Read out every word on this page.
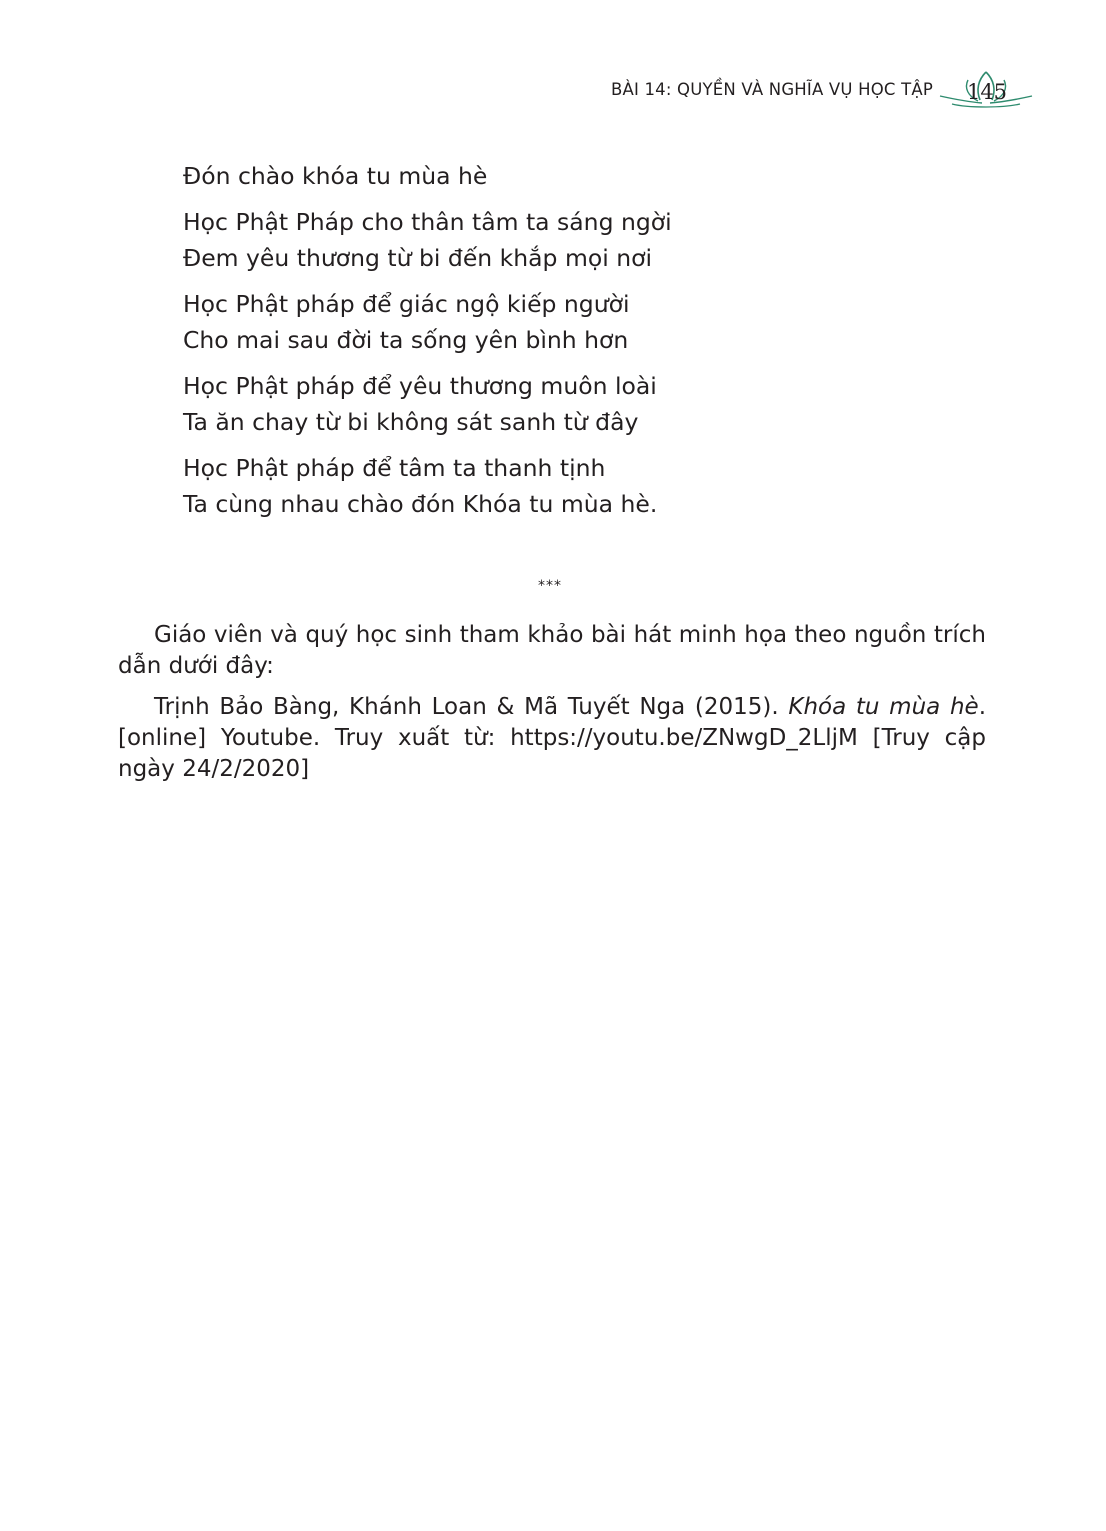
BÀI 14: QUYỀN VÀ NGHĨA VỤ HỌC TẬP 145
Đón chào khóa tu mùa hè
Học Phật Pháp cho thân tâm ta sáng ngời
Đem yêu thương từ bi đến khắp mọi nơi
Học Phật pháp để giác ngộ kiếp người
Cho mai sau đời ta sống yên bình hơn
Học Phật pháp để yêu thương muôn loài
Ta ăn chay từ bi không sát sanh từ đây
Học Phật pháp để tâm ta thanh tịnh
Ta cùng nhau chào đón Khóa tu mùa hè.
***

Giáo viên và quý học sinh tham khảo bài hát minh họa theo nguồn trích dẫn dưới đây:

Trịnh Bảo Bàng, Khánh Loan & Mã Tuyết Nga (2015). Khóa tu mùa hè. [online] Youtube. Truy xuất từ: https://youtu.be/ZNwgD_2LljM [Truy cập ngày 24/2/2020]
